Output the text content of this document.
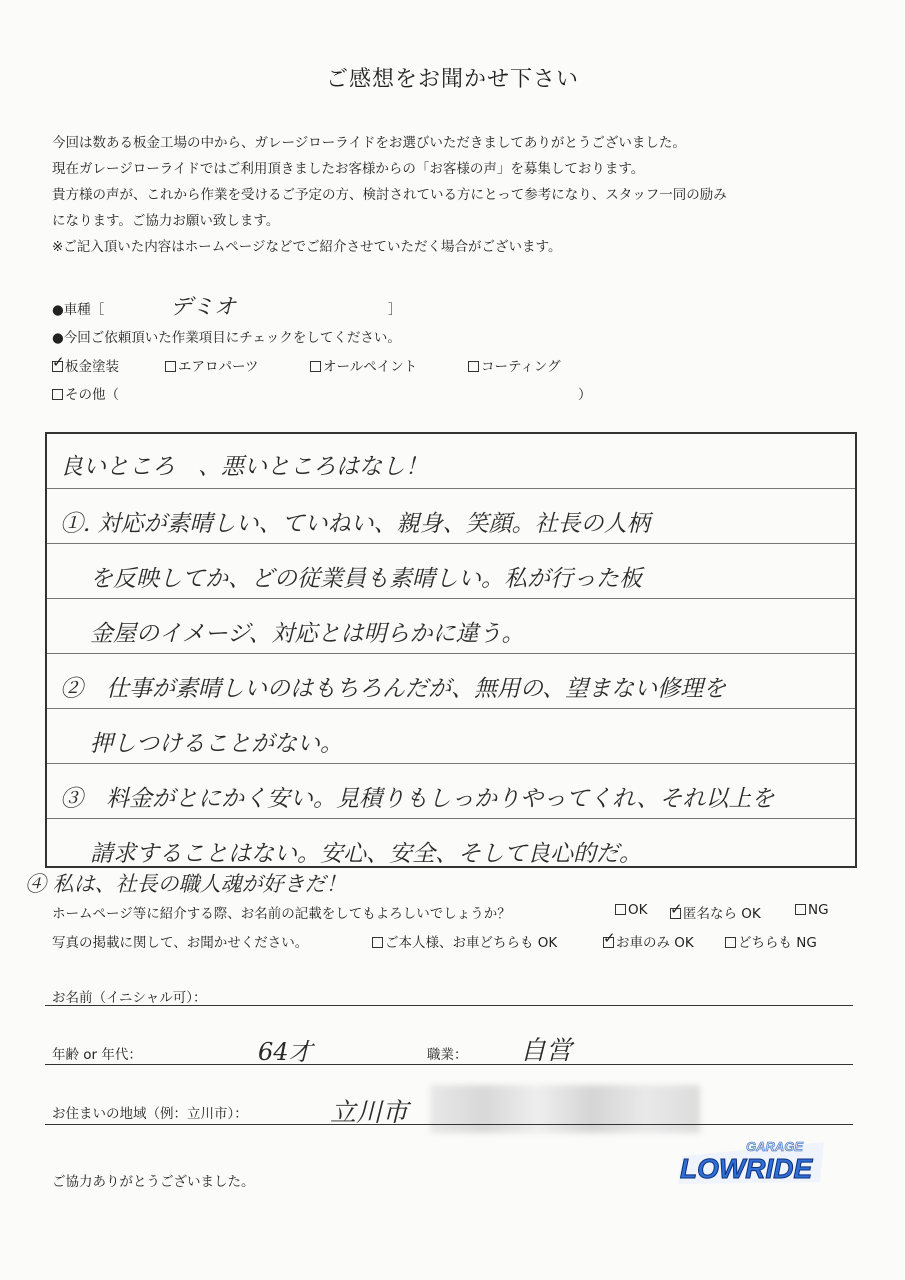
ご感想をお聞かせ下さい
今回は数ある板金工場の中から、ガレージローライドをお選びいただきましてありがとうございました。
現在ガレージローライドではご利用頂きましたお客様からの「お客様の声」を募集しております。
貴方様の声が、これから作業を受けるご予定の方、検討されている方にとって参考になり、スタッフ一同の励み
になります。ご協力お願い致します。
※ご記入頂いた内容はホームページなどでご紹介させていただく場合がございます。
●車種［	デミオ	］
●今回ご依頼頂いた作業項目にチェックをしてください。
✓板金塗装	エアロパーツ	オールペイント	コーティング
その他（	）
良いところ　、悪いところはなし！
①. 対応が素晴しい、ていねい、親身、笑顔。社長の人柄
を反映してか、どの従業員も素晴しい。私が行った板
金屋のイメージ、対応とは明らかに違う。
②　仕事が素晴しいのはもちろんだが、無用の、望まない修理を
押しつけることがない。
③　料金がとにかく安い。見積りもしっかりやってくれ、それ以上を
請求することはない。安心、安全、そして良心的だ。
④ 私は、社長の職人魂が好きだ！
ホームページ等に紹介する際、お名前の記載をしてもよろしいでしょうか？	OK ✓	匿名なら OK	NG
写真の掲載に関して、お聞かせください。	ご本人様、お車どちらも OK ✓	お車のみ OK	どちらも NG
お名前（イニシャル可）：
年齢 or 年代：	64才	職業： 自営
お住まいの地域（例：立川市）：	立川市
ご協力ありがとうございました。
GARAGE
LOWRIDE
